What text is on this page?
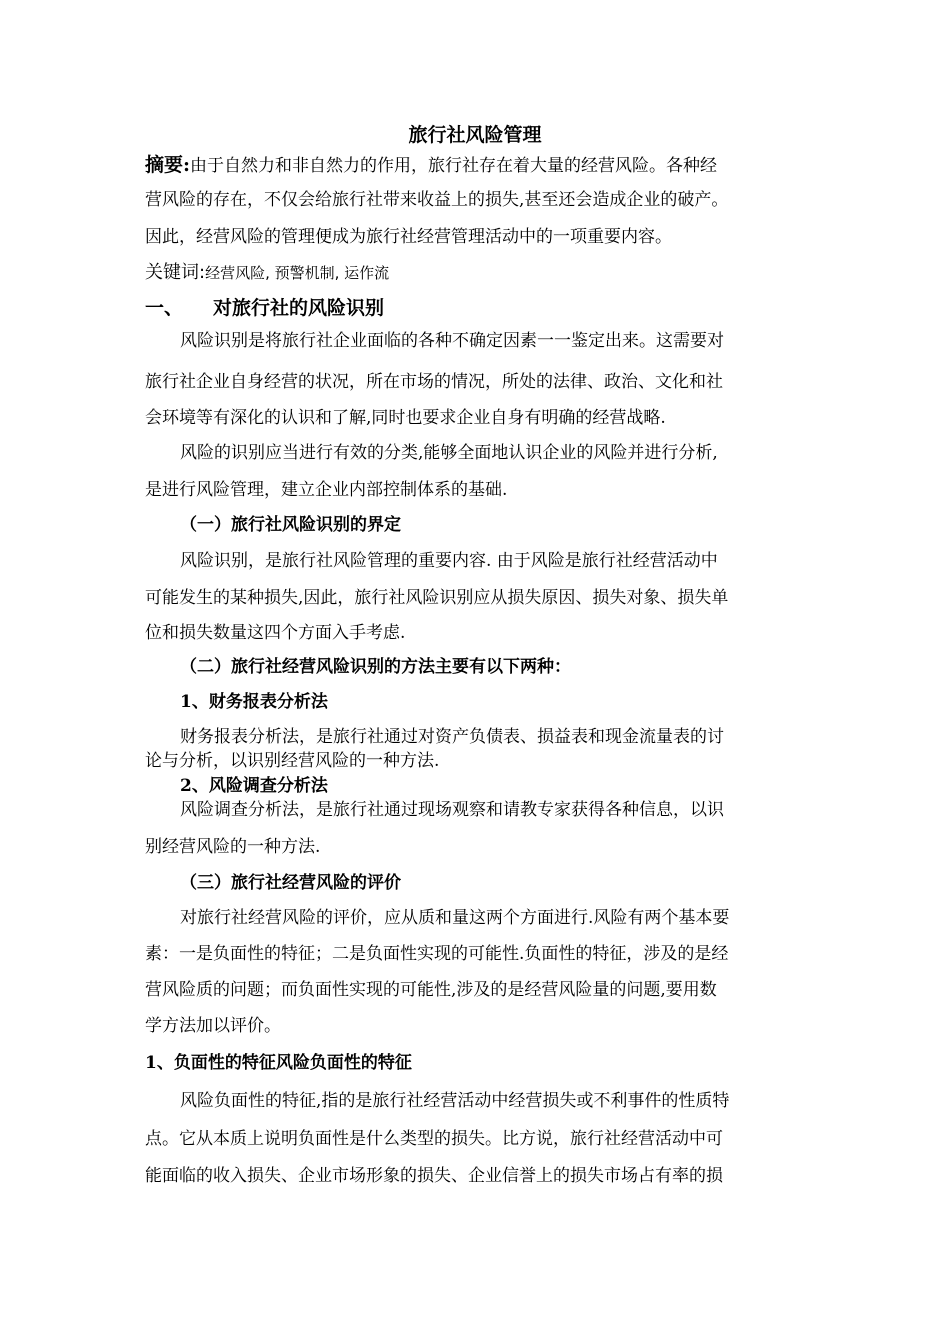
旅行社风险管理
摘要:由于自然力和非自然力的作用，旅行社存在着大量的经营风险。各种经
营风险的存在，不仅会给旅行社带来收益上的损失,甚至还会造成企业的破产。
因此，经营风险的管理便成为旅行社经营管理活动中的一项重要内容。
关键词:经营风险, 预警机制, 运作流
一、 对旅行社的风险识别
风险识别是将旅行社企业面临的各种不确定因素一一鉴定出来。这需要对
旅行社企业自身经营的状况，所在市场的情况，所处的法律、政治、文化和社
会环境等有深化的认识和了解,同时也要求企业自身有明确的经营战略.
风险的识别应当进行有效的分类,能够全面地认识企业的风险并进行分析,
是进行风险管理，建立企业内部控制体系的基础.
（一）旅行社风险识别的界定
风险识别，是旅行社风险管理的重要内容. 由于风险是旅行社经营活动中
可能发生的某种损失,因此，旅行社风险识别应从损失原因、损失对象、损失单
位和损失数量这四个方面入手考虑.
（二）旅行社经营风险识别的方法主要有以下两种：
1、财务报表分析法
财务报表分析法，是旅行社通过对资产负债表、损益表和现金流量表的讨
论与分析，以识别经营风险的一种方法.
2、风险调查分析法
风险调查分析法，是旅行社通过现场观察和请教专家获得各种信息，以识
别经营风险的一种方法.
（三）旅行社经营风险的评价
对旅行社经营风险的评价，应从质和量这两个方面进行.风险有两个基本要
素：一是负面性的特征；二是负面性实现的可能性.负面性的特征，涉及的是经
营风险质的问题；而负面性实现的可能性,涉及的是经营风险量的问题,要用数
学方法加以评价。
1、负面性的特征风险负面性的特征
风险负面性的特征,指的是旅行社经营活动中经营损失或不利事件的性质特
点。它从本质上说明负面性是什么类型的损失。比方说，旅行社经营活动中可
能面临的收入损失、企业市场形象的损失、企业信誉上的损失市场占有率的损
